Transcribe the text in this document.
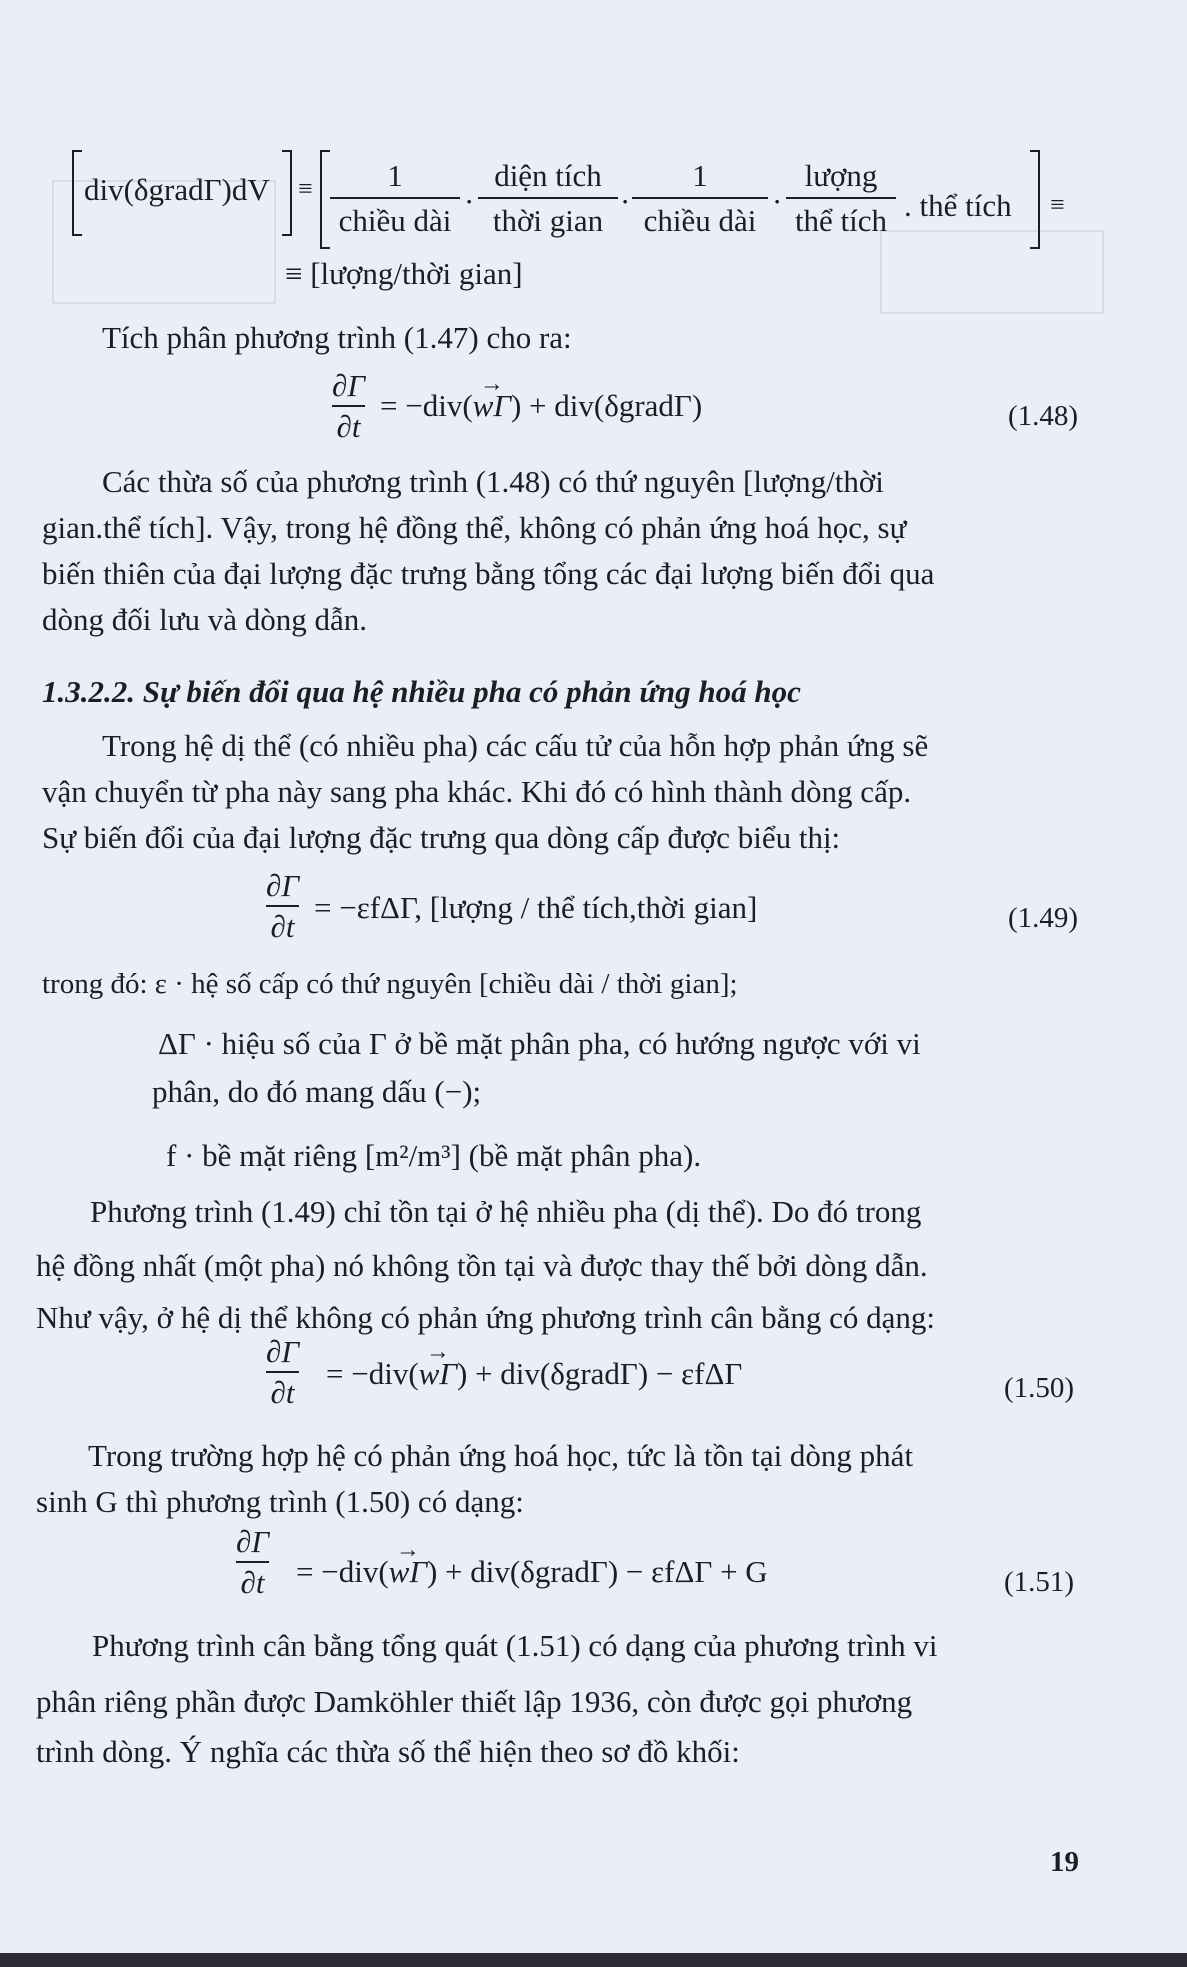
div(δgradΓ)dV ≡	1
chiều dài
·
diện tích
thời gian
·
1
chiều dài
·
lượng
thể tích . thể tích ≡
≡ [lượng/thời gian]
Tích phân phương trình (1.47) cho ra:
$\frac{\partial\Gamma}{\partial t} = -div(w\Gamma$ →) + div(δgradΓ)	(1.48)
Các thừa số của phương trình (1.48) có thứ nguyên [lượng/thời
gian.thể tích]. Vậy, trong hệ đồng thể, không có phản ứng hoá học, sự
biến thiên của đại lượng đặc trưng bằng tổng các đại lượng biến đổi qua
dòng đối lưu và dòng dẫn.
1.3.2.2. Sự biến đổi qua hệ nhiều pha có phản ứng hoá học
Trong hệ dị thể (có nhiều pha) các cấu tử của hỗn hợp phản ứng sẽ
vận chuyển từ pha này sang pha khác. Khi đó có hình thành dòng cấp.
Sự biến đổi của đại lượng đặc trưng qua dòng cấp được biểu thị:
$\frac{\partial\Gamma}{\partial t} = -\varepsilon f\Delta\Gamma$, [lượng / thể tích,thời gian]	(1.49)
trong đó: ε · hệ số cấp có thứ nguyên [chiều dài / thời gian];
ΔΓ · hiệu số của Γ ở bề mặt phân pha, có hướng ngược với vi
phân, do đó mang dấu (−);
f · bề mặt riêng [m²/m³] (bề mặt phân pha).
Phương trình (1.49) chỉ tồn tại ở hệ nhiều pha (dị thể). Do đó trong
hệ đồng nhất (một pha) nó không tồn tại và được thay thế bởi dòng dẫn.
Như vậy, ở hệ dị thể không có phản ứng phương trình cân bằng có dạng:
$\frac{\partial\Gamma}{\partial t} = -div(w\Gamma$ →) + div(δgradΓ) − εfΔΓ	(1.50)
Trong trường hợp hệ có phản ứng hoá học, tức là tồn tại dòng phát
sinh G thì phương trình (1.50) có dạng:
$\frac{\partial\Gamma}{\partial t} = -div(w\Gamma$ →) + div(δgradΓ) − εfΔΓ + G	(1.51)
Phương trình cân bằng tổng quát (1.51) có dạng của phương trình vi
phân riêng phần được Damkӧhler thiết lập 1936, còn được gọi phương
trình dòng. Ý nghĩa các thừa số thể hiện theo sơ đồ khối:
19
